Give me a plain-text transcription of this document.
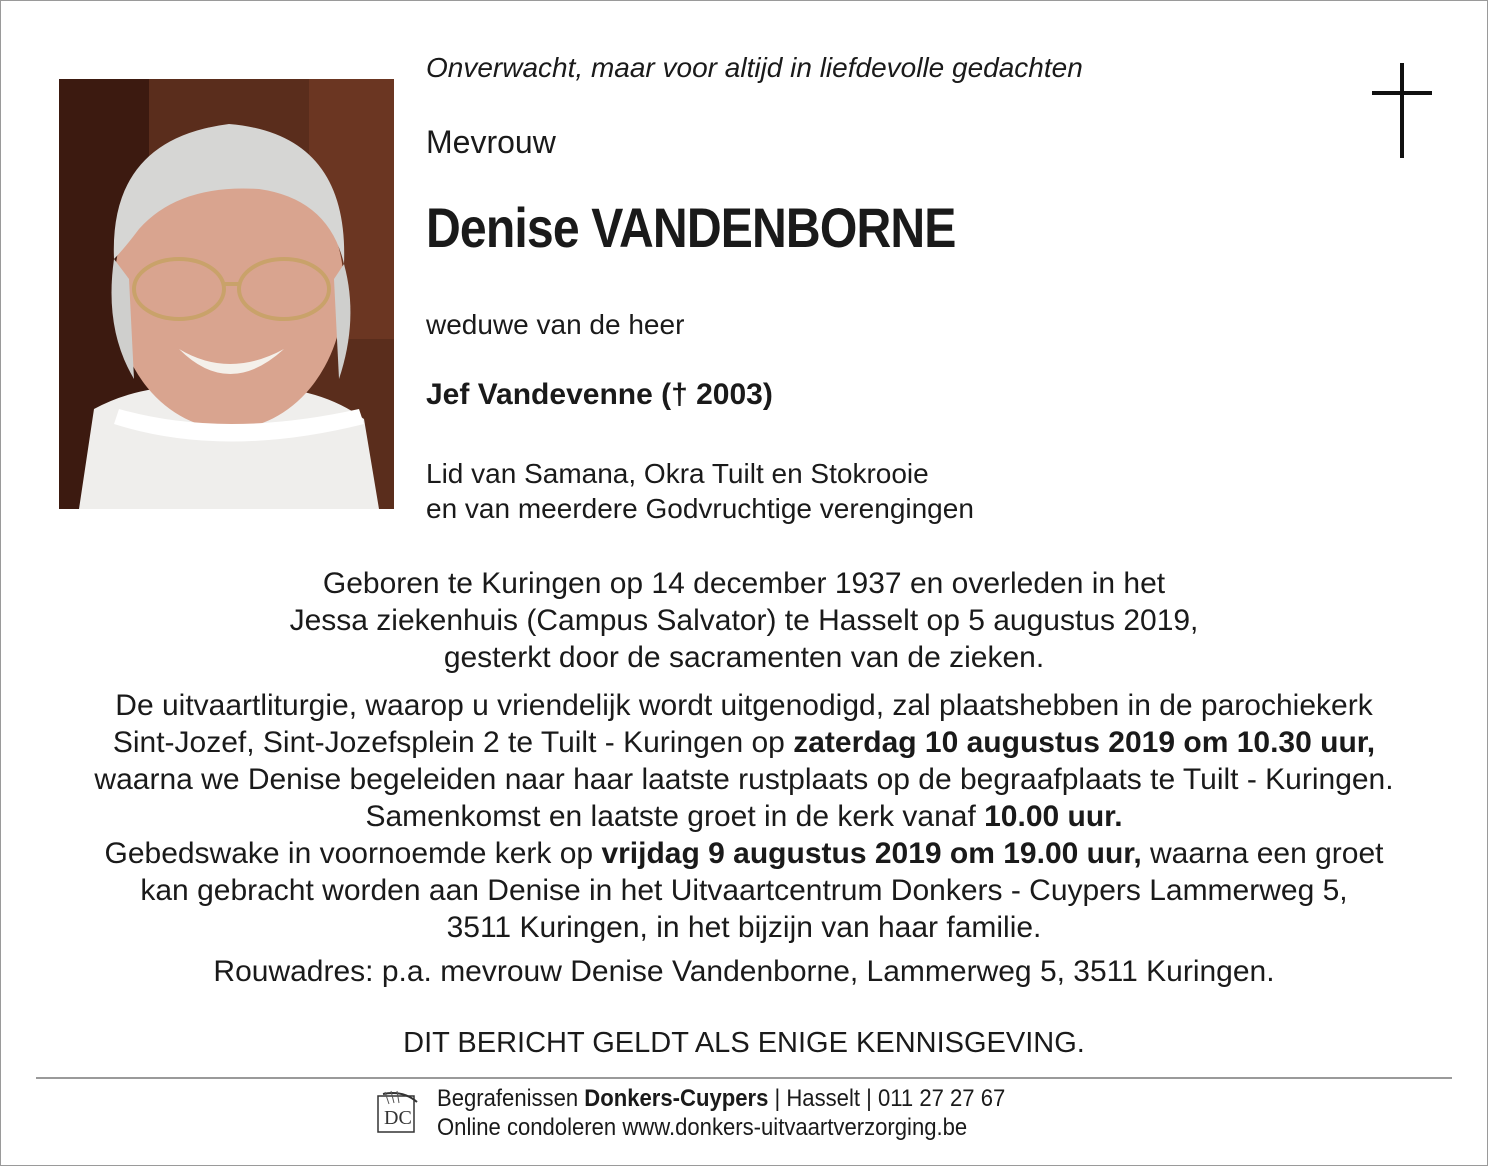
Onverwacht, maar voor altijd in liefdevolle gedachten
Mevrouw
Denise VANDENBORNE
weduwe van de heer
Jef Vandevenne († 2003)
Lid van Samana, Okra Tuilt en Stokrooie
en van meerdere Godvruchtige verengingen
Geboren te Kuringen op 14 december 1937 en overleden in het
Jessa ziekenhuis (Campus Salvator) te Hasselt op 5 augustus 2019,
gesterkt door de sacramenten van de zieken.
De uitvaartliturgie, waarop u vriendelijk wordt uitgenodigd, zal plaatshebben in de parochiekerk
Sint-Jozef, Sint-Jozefsplein 2 te Tuilt - Kuringen op zaterdag 10 augustus 2019 om 10.30 uur,
waarna we Denise begeleiden naar haar laatste rustplaats op de begraafplaats te Tuilt - Kuringen.
Samenkomst en laatste groet in de kerk vanaf 10.00 uur.
Gebedswake in voornoemde kerk op vrijdag 9 augustus 2019 om 19.00 uur, waarna een groet
kan gebracht worden aan Denise in het Uitvaartcentrum Donkers - Cuypers Lammerweg 5,
3511 Kuringen, in het bijzijn van haar familie.
Rouwadres: p.a. mevrouw Denise Vandenborne, Lammerweg 5, 3511 Kuringen.
DIT BERICHT GELDT ALS ENIGE KENNISGEVING.
DC
Begrafenissen Donkers-Cuypers | Hasselt | 011 27 27 67
Online condoleren www.donkers-uitvaartverzorging.be
